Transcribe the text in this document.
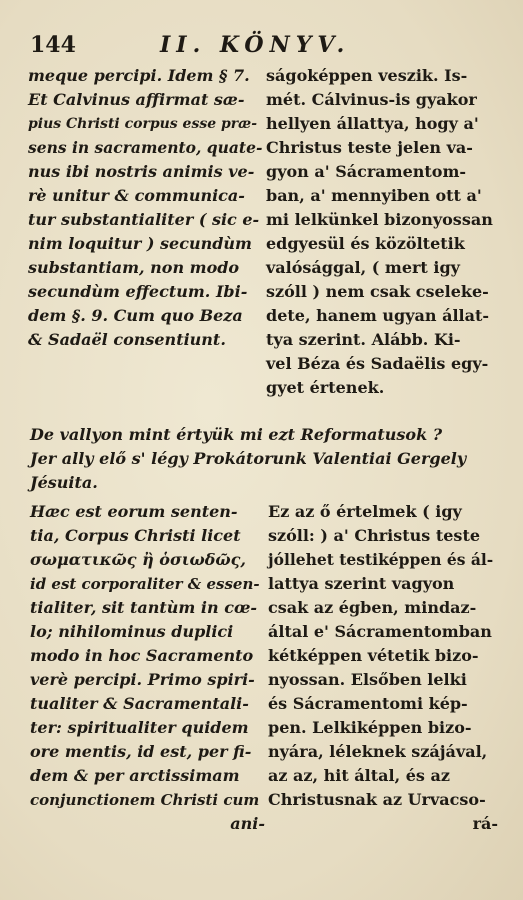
144	II. KÖNYV.
meque percipi. Idem § 7.
Et Calvinus affirmat sæ-
pius Christi corpus esse præ-
sens in sacramento, quate-
nus ibi nostris animis ve-
rè unitur & communica-
tur substantialiter ( sic e-
nim loquitur ) secundùm
substantiam, non modo
secundùm effectum. Ibi-
dem §. 9. Cum quo Beza
& Sadaël consentiunt.
ságoképpen veszik. Is-
mét. Cálvinus-is gyakor
hellyen állattya, hogy a'
Christus teste jelen va-
gyon a' Sácramentom-
ban, a' mennyiben ott a'
mi lelkünkel bizonyossan
edgyesül és közöltetik
valósággal, ( mert igy
szóll ) nem csak cseleke-
dete, hanem ugyan állat-
tya szerint. Alább. Ki-
vel Béza és Sadaëlis egy-
gyet értenek.
De vallyon mint értyük mi ezt Reformatusok ?
Jer ally elő s' légy Prokátorunk Valentiai Gergely
Jésuita.
Hæc est eorum senten-
tia, Corpus Christi licet
σωματικῶς ἢ ὁσιωδῶς,
id est corporaliter & essen-
tialiter, sit tantùm in cœ-
lo; nihilominus duplici
modo in hoc Sacramento
verè percipi. Primo spiri-
tualiter & Sacramentali-
ter: spiritualiter quidem
ore mentis, id est, per fi-
dem & per arctissimam
conjunctionem Christi cum
ani-
Ez az ő értelmek ( igy
szóll: ) a' Christus teste
jóllehet testiképpen és ál-
lattya szerint vagyon
csak az égben, mindaz-
által e' Sácramentomban
kétképpen vétetik bizo-
nyossan. Elsőben lelki
és Sácramentomi kép-
pen. Lelkiképpen bizo-
nyára, léleknek szájával,
az az, hit által, és az
Christusnak az Urvacso-
rá-
